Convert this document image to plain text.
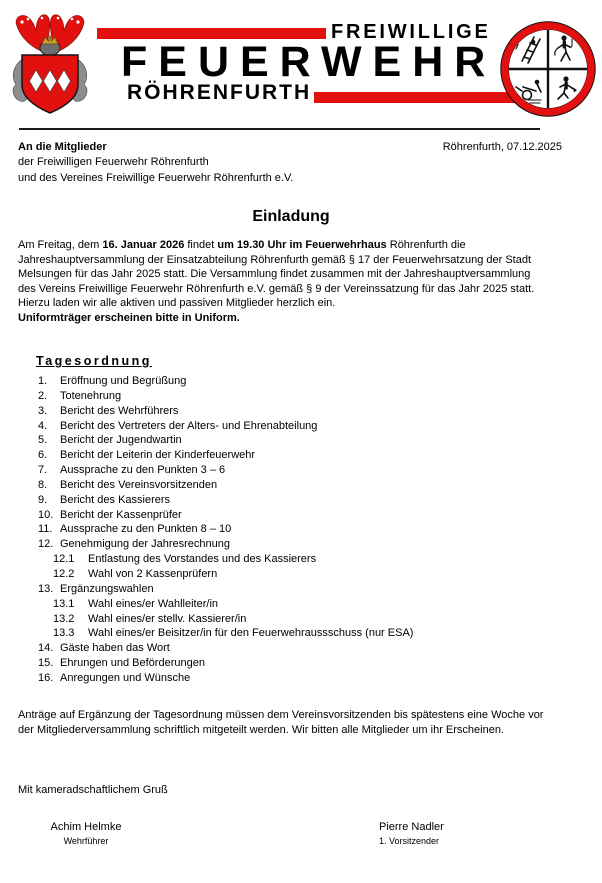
FREIWILLIGE
FEUERWEHR
RÖHRENFURTH
An die Mitglieder
der Freiwilligen Feuerwehr Röhrenfurth
und des Vereines Freiwillige Feuerwehr Röhrenfurth e.V.
Röhrenfurth, 07.12.2025
Einladung
Am Freitag, dem 16. Januar 2026 findet um 19.30 Uhr im Feuerwehrhaus Röhrenfurth die
Jahreshauptversammlung der Einsatzabteilung Röhrenfurth gemäß § 17 der Feuerwehrsatzung der Stadt
Melsungen für das Jahr 2025 statt. Die Versammlung findet zusammen mit der Jahreshauptversammlung
des Vereins Freiwillige Feuerwehr Röhrenfurth e.V. gemäß § 9 der Vereinssatzung für das Jahr 2025 statt.
Hierzu laden wir alle aktiven und passiven Mitglieder herzlich ein.
Uniformträger erscheinen bitte in Uniform.
Tagesordnung
1.	Eröffnung und Begrüßung
2.	Totenehrung
3.	Bericht des Wehrführers
4.	Bericht des Vertreters der Alters- und Ehrenabteilung
5.	Bericht der Jugendwartin
6.	Bericht der Leiterin der Kinderfeuerwehr
7.	Aussprache zu den Punkten 3 – 6
8.	Bericht des Vereinsvorsitzenden
9.	Bericht des Kassierers
10. Bericht der Kassenprüfer
11. Aussprache zu den Punkten 8 – 10
12. Genehmigung der Jahresrechnung
12.1	Entlastung des Vorstandes und des Kassierers
12.2	Wahl von 2 Kassenprüfern
13. Ergänzungswahlen
13.1	Wahl eines/er Wahlleiter/in
13.2	Wahl eines/er stellv. Kassierer/in
13.3	Wahl eines/er Beisitzer/in für den Feuerwehraussschuss (nur ESA)
14. Gäste haben das Wort
15. Ehrungen und Beförderungen
16. Anregungen und Wünsche
Anträge auf Ergänzung der Tagesordnung müssen dem Vereinsvorsitzenden bis spätestens eine Woche vor
der Mitgliederversammlung schriftlich mitgeteilt werden. Wir bitten alle Mitglieder um ihr Erscheinen.
Mit kameradschaftlichem Gruß
Achim Helmke
Wehrführer
Pierre Nadler
1. Vorsitzender
